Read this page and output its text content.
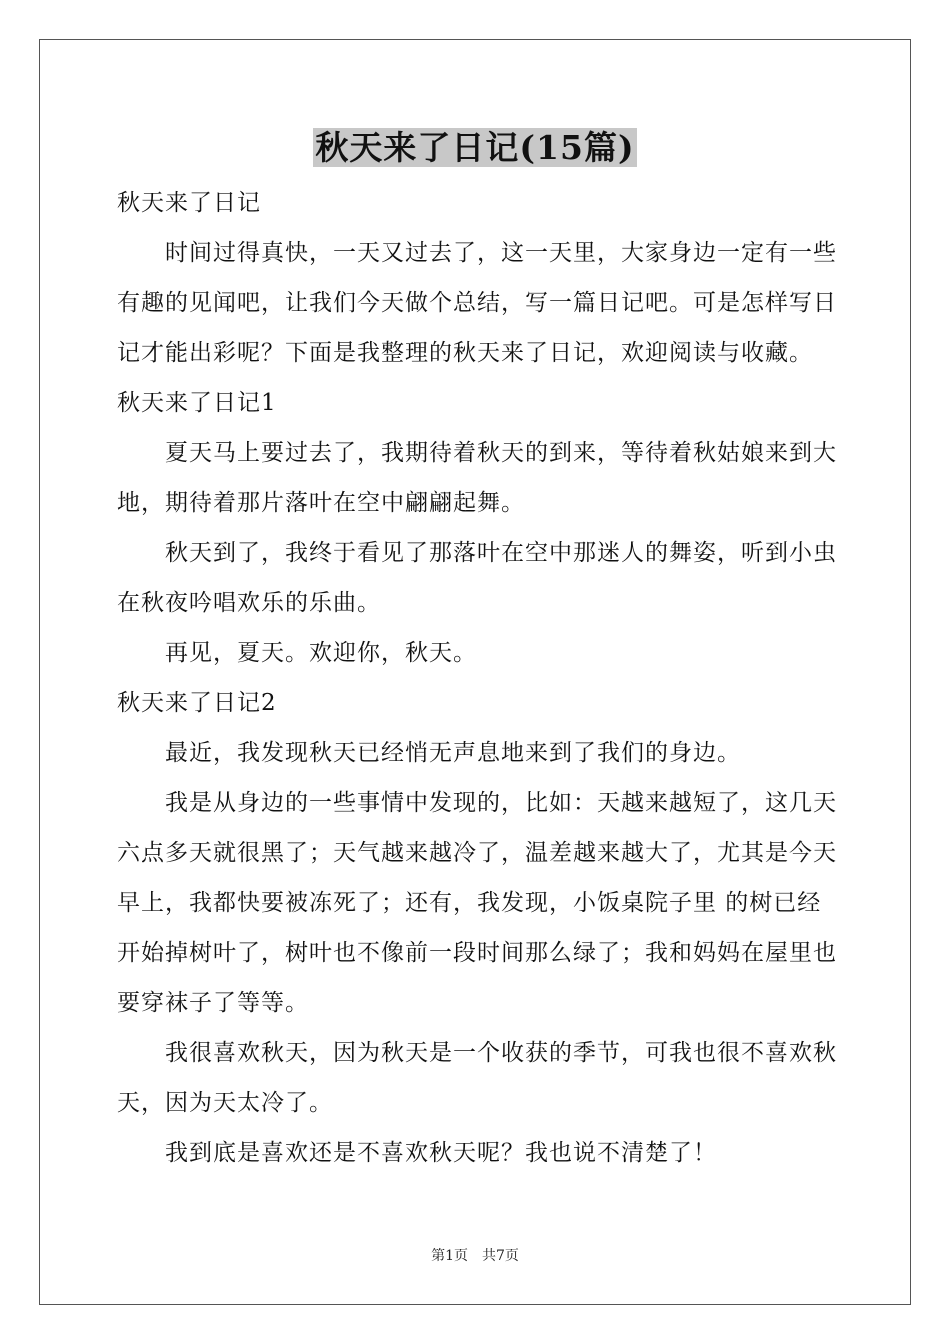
秋天来了日记(15篇)

秋天来了日记

时间过得真快，一天又过去了，这一天里，大家身边一定有一些有趣的见闻吧，让我们今天做个总结，写一篇日记吧。可是怎样写日记才能出彩呢？下面是我整理的秋天来了日记，欢迎阅读与收藏。

秋天来了日记1

夏天马上要过去了，我期待着秋天的到来，等待着秋姑娘来到大地，期待着那片落叶在空中翩翩起舞。

秋天到了，我终于看见了那落叶在空中那迷人的舞姿，听到小虫在秋夜吟唱欢乐的乐曲。

再见，夏天。欢迎你，秋天。

秋天来了日记2

最近，我发现秋天已经悄无声息地来到了我们的身边。

我是从身边的一些事情中发现的，比如：天越来越短了，这几天六点多天就很黑了；天气越来越冷了，温差越来越大了，尤其是今天早上，我都快要被冻死了；还有，我发现，小饭桌院子里 的树已经开始掉树叶了，树叶也不像前一段时间那么绿了；我和妈妈在屋里也要穿袜子了等等。

我很喜欢秋天，因为秋天是一个收获的季节，可我也很不喜欢秋天，因为天太冷了。

我到底是喜欢还是不喜欢秋天呢？我也说不清楚了！

第1页 共7页
